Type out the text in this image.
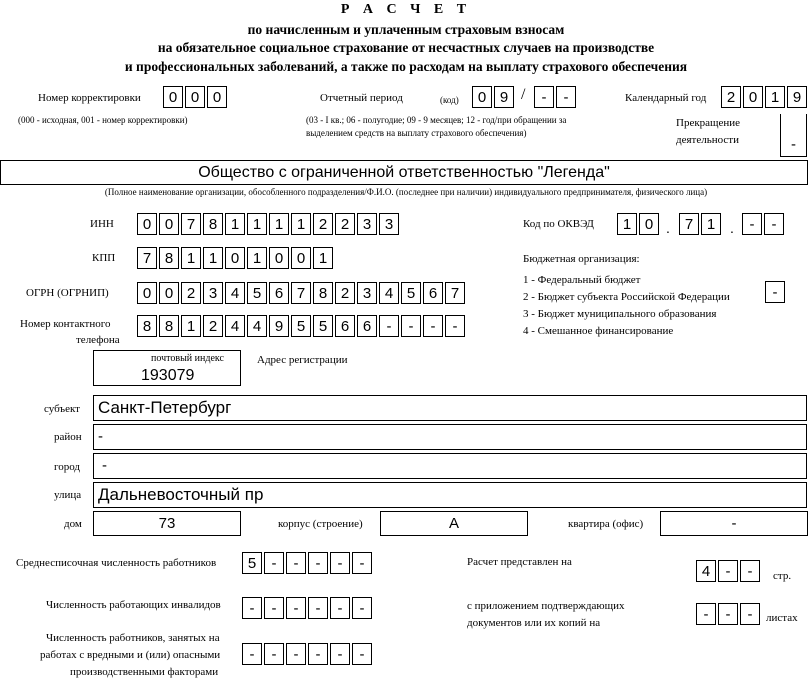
Р А С Ч Е Т
по начисленным и уплаченным страховым взносам
на обязательное социальное страхование от несчастных случаев на производстве
и профессиональных заболеваний, а также по расходам на выплату страхового обеспечения
Номер корректировки	0 0 0
(000 - исходная, 001 - номер корректировки)
Отчетный период	(код)	0 9 /	-	-
(03 - I кв.; 06 - полугодие; 09 - 9 месяцев; 12 - год/при обращении за выделением средств на выплату страхового обеспечения)
Календарный год	2 0 1 9
Прекращение
деятельности	-
Общество с ограниченной ответственностью "Легенда"
(Полное наименование организации, обособленного подразделения/Ф.И.О. (последнее при наличии) индивидуального предпринимателя, физического лица)
ИНН	0 0 7 8 1 1 1 1 2 2 3 3
КПП	7 8 1 1 0 1 0 0 1
ОГРН (ОГРНИП)	0 0 2 3 4 5 6 7 8 2 3 4 5 6 7
Номер контактного
телефона
8 8 1 2 4 4 9 5 5 6 6	-	-	-	-
Код по ОКВЭД	1 0 . 7 1	.	-	-
Бюджетная организация:
1 - Федеральный бюджет
2 - Бюджет субъекта Российской Федерации
3 - Бюджет муниципального образования
4 - Смешанное финансирование
-
почтовый индекс
193079
Адрес регистрации
субъект Санкт-Петербург
район -
город -
улица Дальневосточный пр
дом	73	корпус (строение)	А	квартира (офис)	-
Среднесписочная численность работников	5	-	-	-	-	-
Численность работающих инвалидов	-	-	-	-	-	-
Численность работников, занятых на
работах с вредными и (или) опасными
производственными факторами
-	-	-	-	-	-
Расчет представлен на
4	-	-	стр.
с приложением подтверждающих
документов или их копий на
-	-	-	листах
